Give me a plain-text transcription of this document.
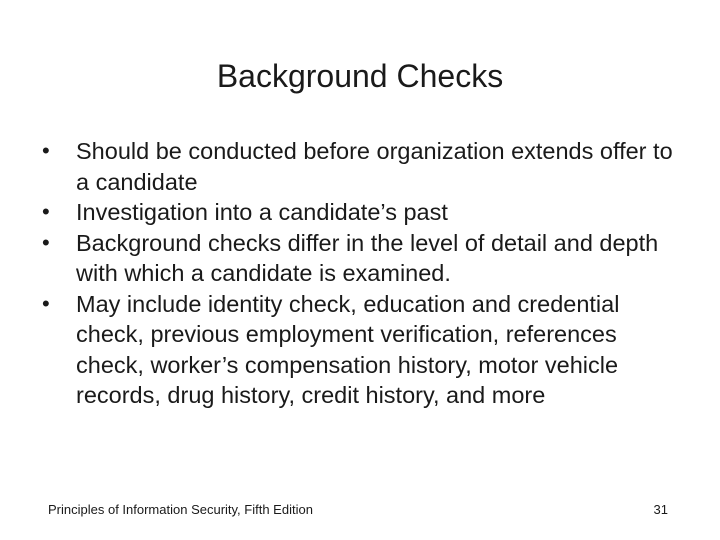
Background Checks
•	Should be conducted before organization extends offer to a candidate
•	Investigation into a candidate’s past
•	Background checks differ in the level of detail and depth with which a candidate is examined.
•	May include identity check, education and credential check, previous employment verification, references check, worker’s compensation history, motor vehicle records, drug history, credit history, and more
Principles of Information Security, Fifth Edition	31
